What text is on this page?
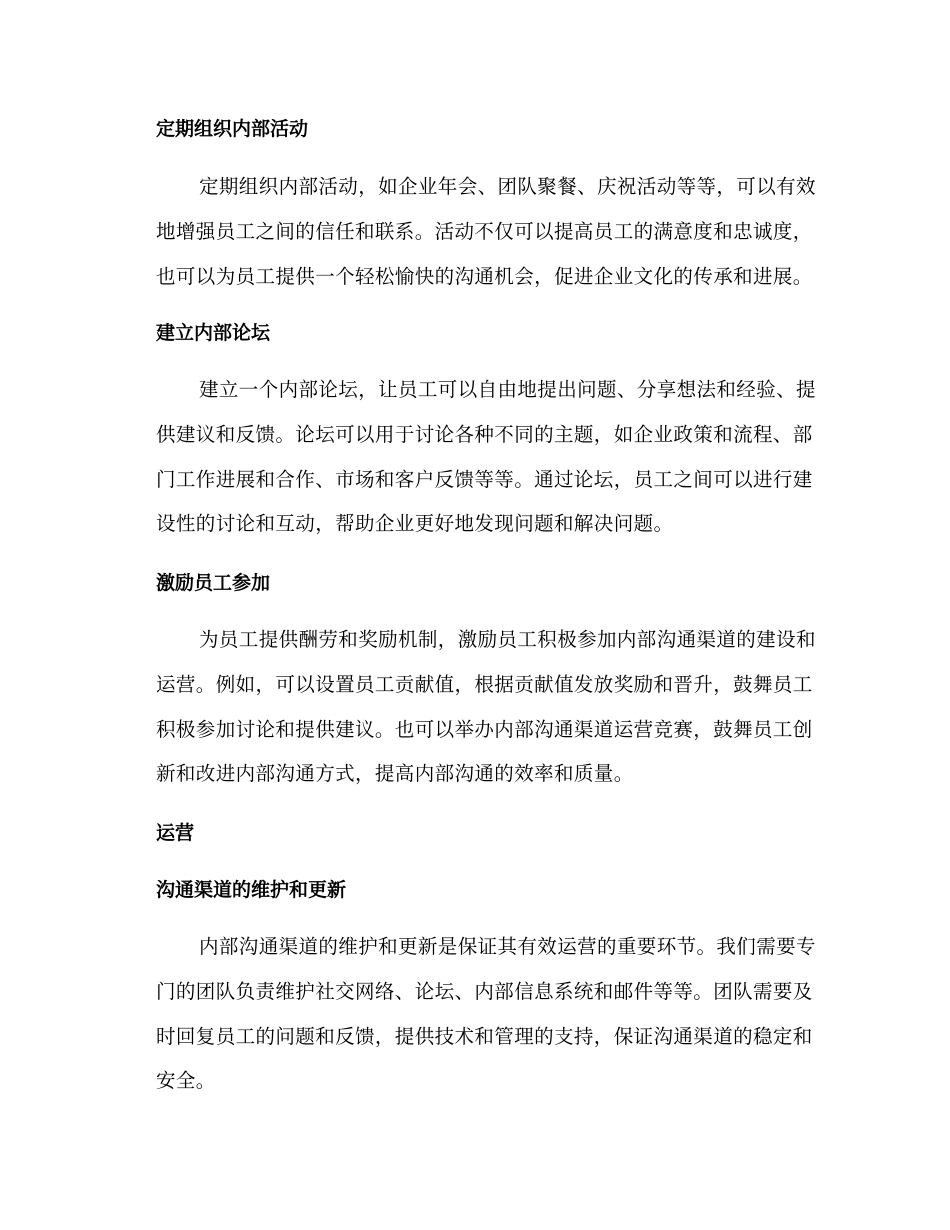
定期组织内部活动
定期组织内部活动，如企业年会、团队聚餐、庆祝活动等等，可以有效
地增强员工之间的信任和联系。活动不仅可以提高员工的满意度和忠诚度，
也可以为员工提供一个轻松愉快的沟通机会，促进企业文化的传承和进展。
建立内部论坛
建立一个内部论坛，让员工可以自由地提出问题、分享想法和经验、提
供建议和反馈。论坛可以用于讨论各种不同的主题，如企业政策和流程、部
门工作进展和合作、市场和客户反馈等等。通过论坛，员工之间可以进行建
设性的讨论和互动，帮助企业更好地发现问题和解决问题。
激励员工参加
为员工提供酬劳和奖励机制，激励员工积极参加内部沟通渠道的建设和
运营。例如，可以设置员工贡献值，根据贡献值发放奖励和晋升，鼓舞员工
积极参加讨论和提供建议。也可以举办内部沟通渠道运营竞赛，鼓舞员工创
新和改进内部沟通方式，提高内部沟通的效率和质量。
运营
沟通渠道的维护和更新
内部沟通渠道的维护和更新是保证其有效运营的重要环节。我们需要专
门的团队负责维护社交网络、论坛、内部信息系统和邮件等等。团队需要及
时回复员工的问题和反馈，提供技术和管理的支持，保证沟通渠道的稳定和
安全。
